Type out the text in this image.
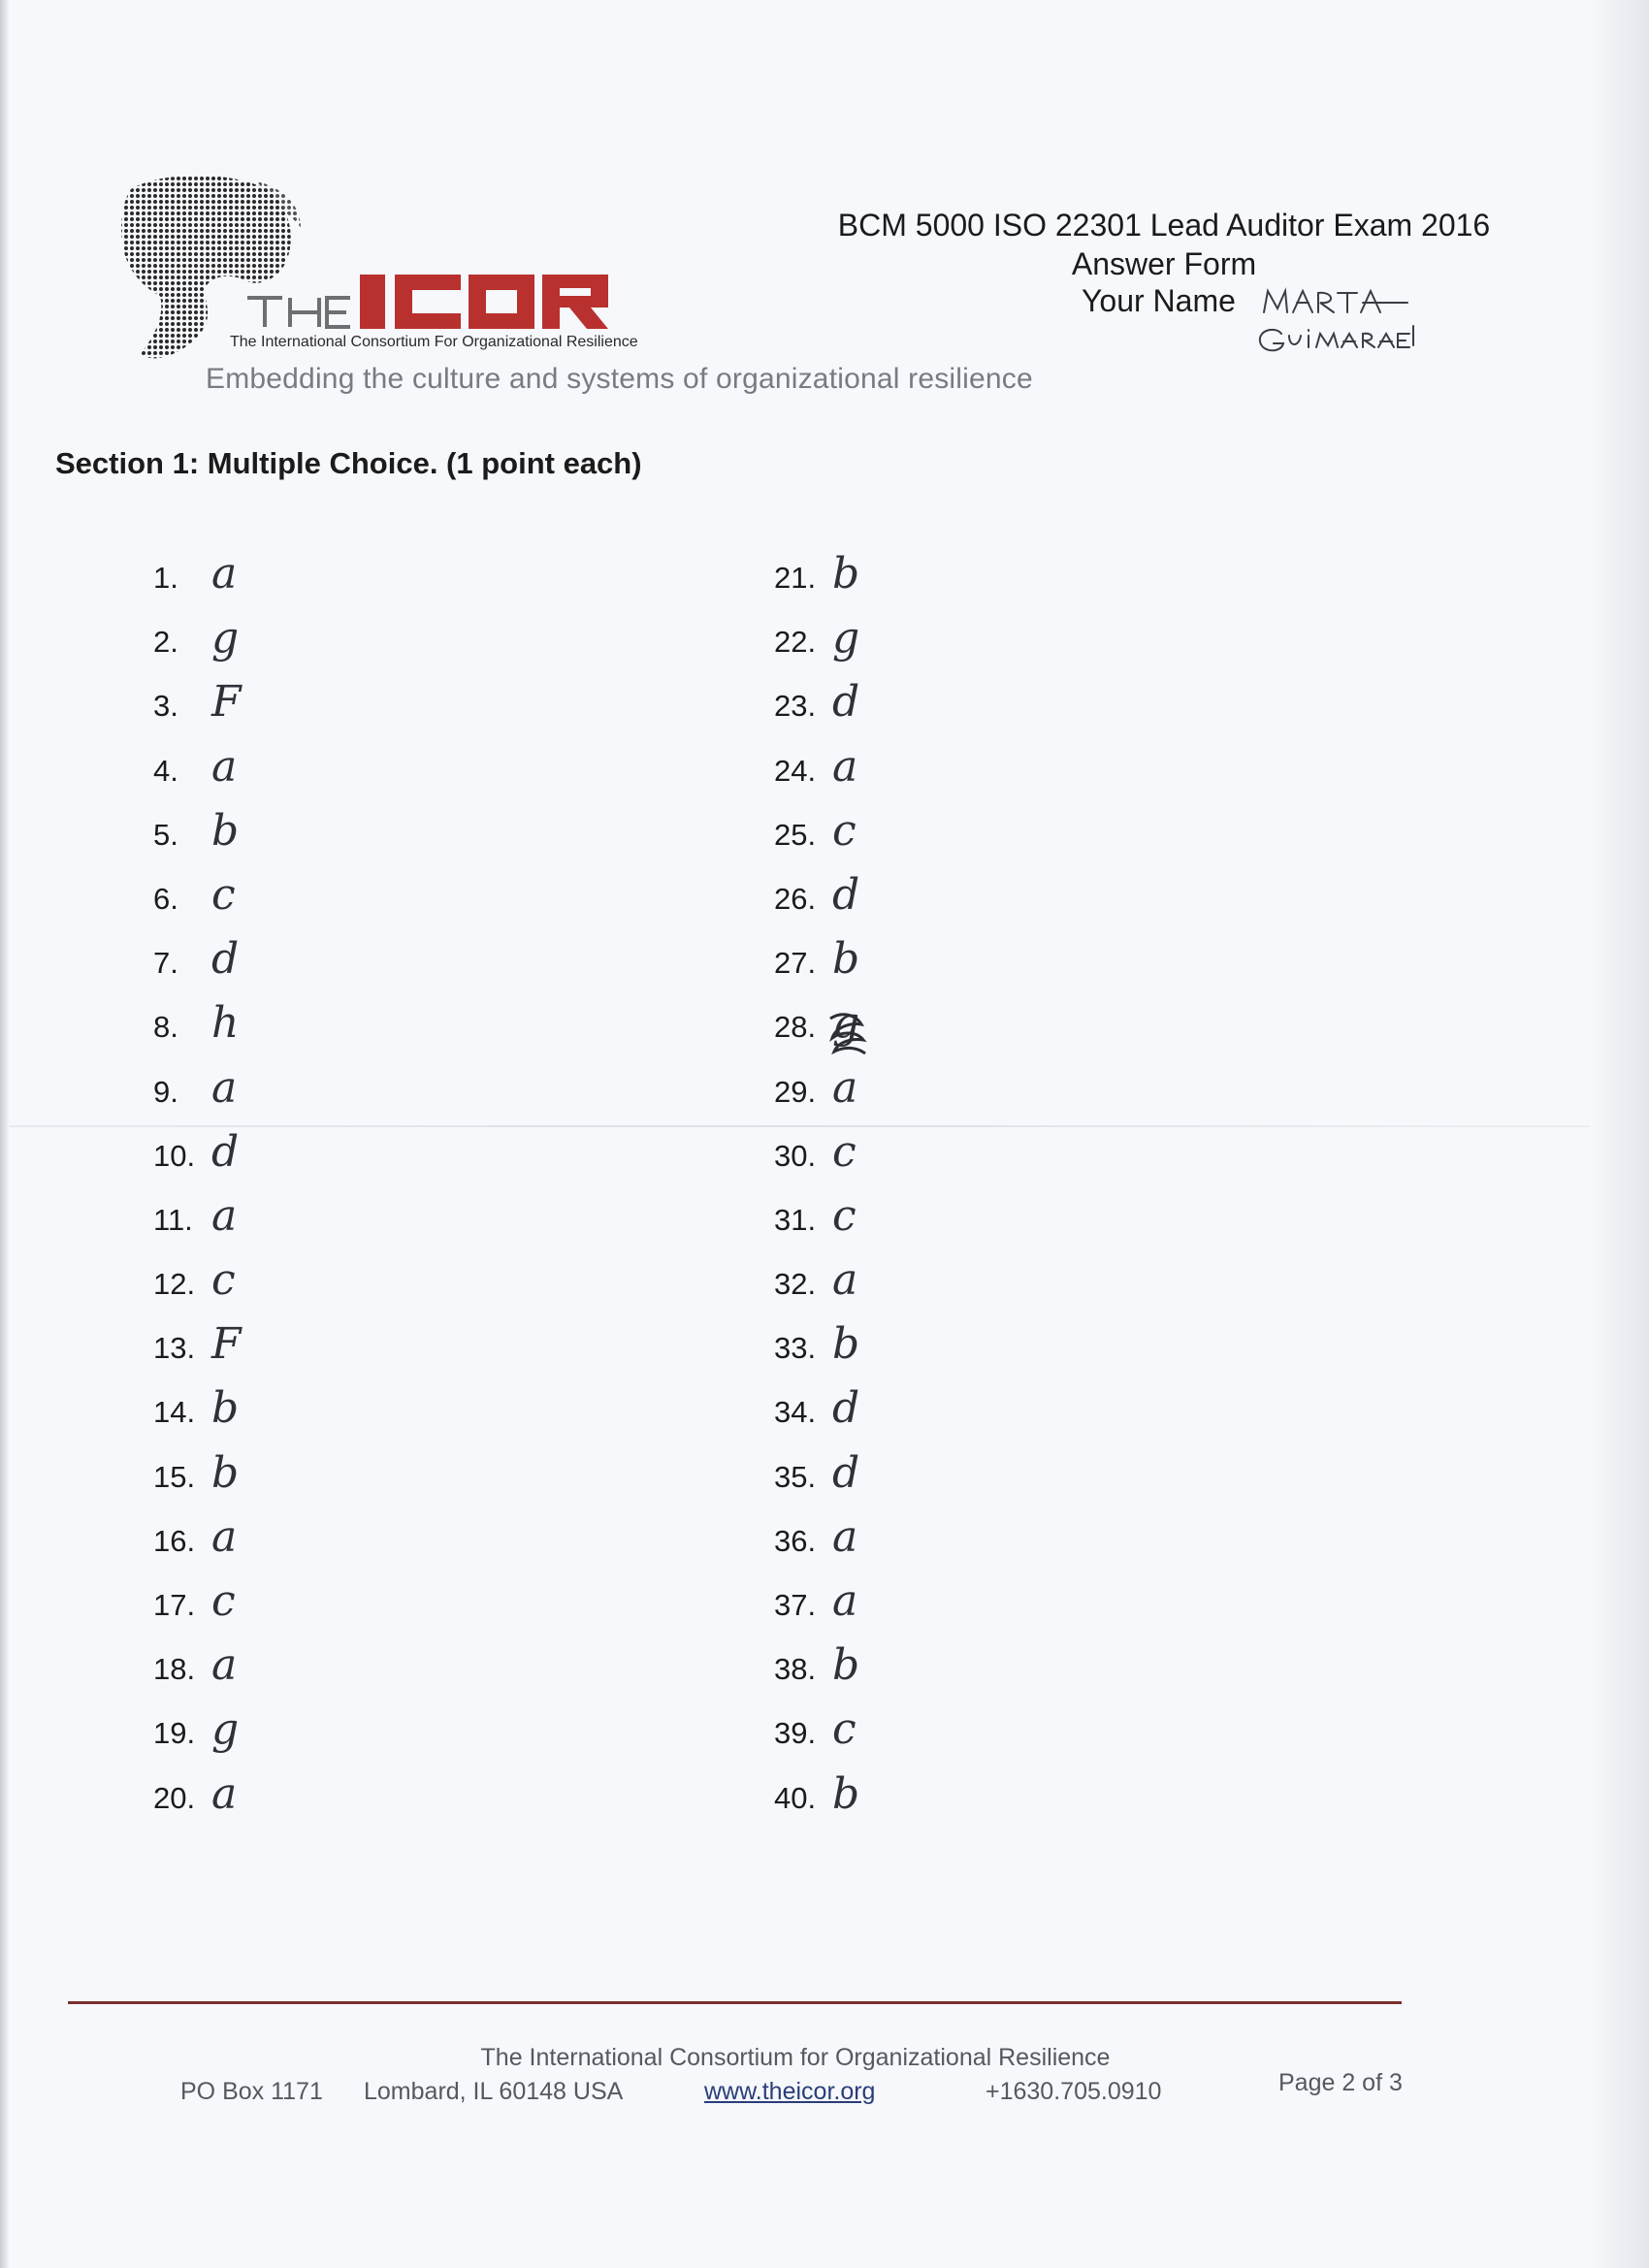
The International Consortium For Organizational Resilience
Embedding the culture and systems of organizational resilience

BCM 5000 ISO 22301 Lead Auditor Exam 2016

Answer Form

Your Name
Section 1: Multiple Choice. (1 point each)
1. a
2. g
3. F
4. a
5. b
6. c
7. d
8. h
9. a
10. d
11. a
12. c
13. F
14. b
15. b
16. a
17. c
18. a
19. g
20. a
21. b
22. g
23. d
24. a
25. c
26. d
27. b
28. g
29. a
30. c
31. c
32. a
33. b
34. d
35. d
36. a
37. a
38. b
39. c
40. b
The International Consortium for Organizational Resilience
PO Box 1171 Lombard, IL 60148 USA	www.theicor.org	+1630.705.0910	Page 2 of 3
